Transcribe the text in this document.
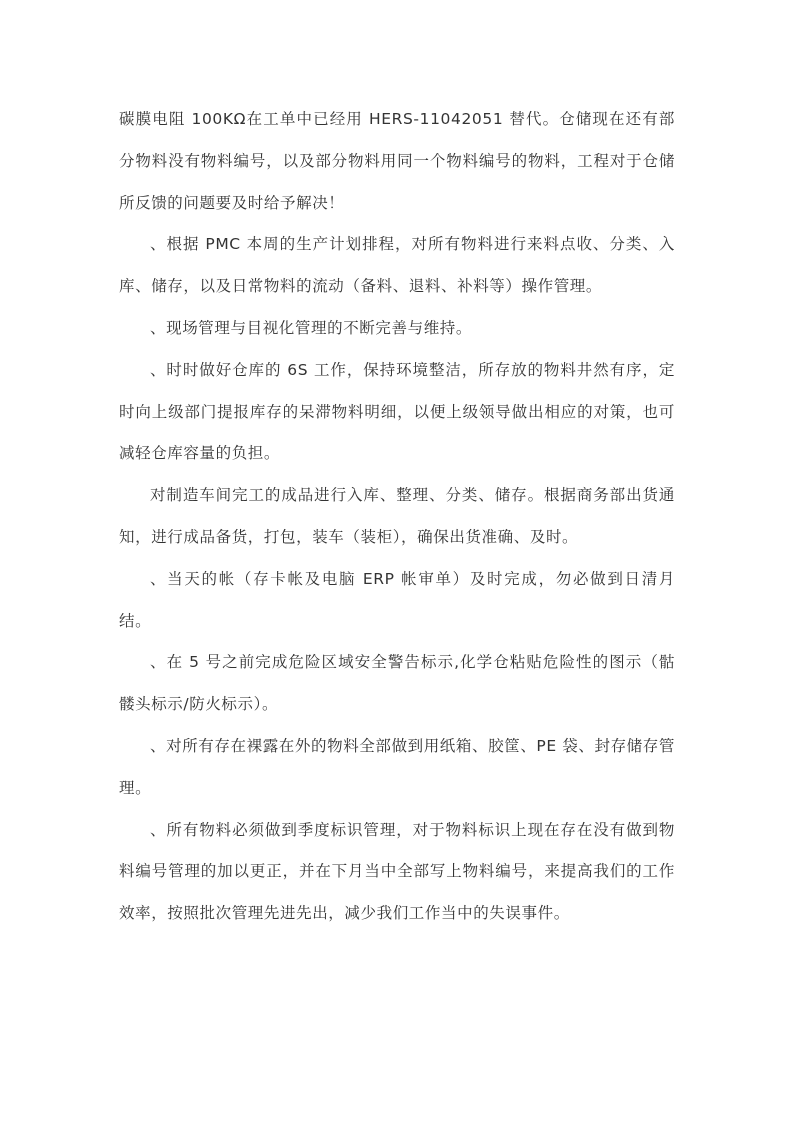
碳膜电阻 100KΩ在工单中已经用 HERS-11042051 替代。仓储现在还有部分物料没有物料编号，以及部分物料用同一个物料编号的物料，工程对于仓储所反馈的问题要及时给予解决！

、根据 PMC 本周的生产计划排程，对所有物料进行来料点收、分类、入库、储存，以及日常物料的流动（备料、退料、补料等）操作管理。

、现场管理与目视化管理的不断完善与维持。

、时时做好仓库的 6S 工作，保持环境整洁，所存放的物料井然有序，定时向上级部门提报库存的呆滞物料明细，以便上级领导做出相应的对策，也可减轻仓库容量的负担。

对制造车间完工的成品进行入库、整理、分类、储存。根据商务部出货通知，进行成品备货，打包，装车（装柜），确保出货准确、及时。

、当天的帐（存卡帐及电脑 ERP 帐审单）及时完成，勿必做到日清月结。

、在 5 号之前完成危险区域安全警告标示,化学仓粘贴危险性的图示（骷髅头标示/防火标示）。

、对所有存在裸露在外的物料全部做到用纸箱、胶筐、PE 袋、封存储存管理。

、所有物料必须做到季度标识管理，对于物料标识上现在存在没有做到物料编号管理的加以更正，并在下月当中全部写上物料编号，来提高我们的工作效率，按照批次管理先进先出，减少我们工作当中的失误事件。
